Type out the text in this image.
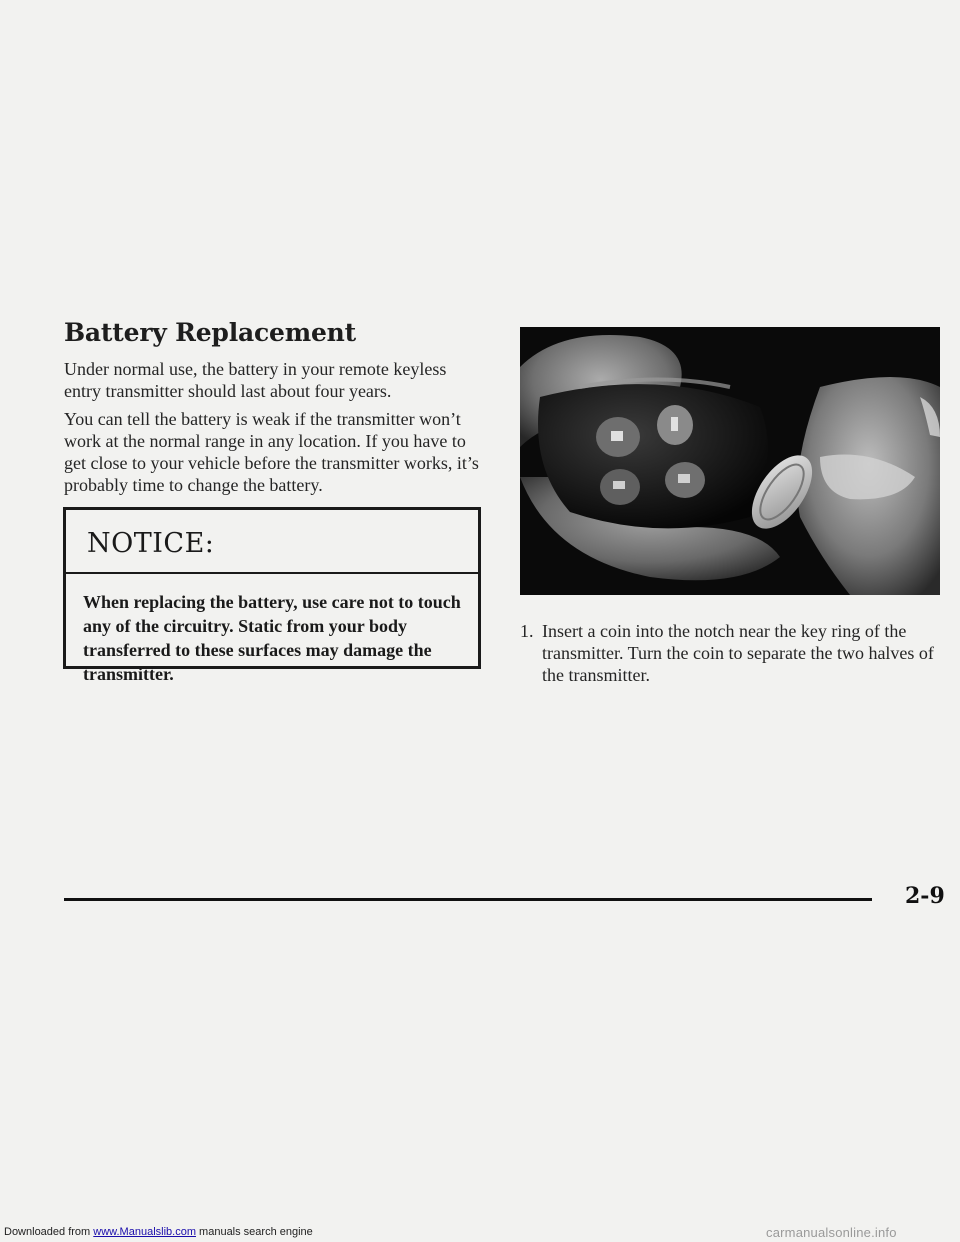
Battery Replacement

Under normal use, the battery in your remote keyless entry transmitter should last about four years.

You can tell the battery is weak if the transmitter won’t work at the normal range in any location. If you have to get close to your vehicle before the transmitter works, it’s probably time to change the battery.

NOTICE:
When replacing the battery, use care not to touch any of the circuitry. Static from your body transferred to these surfaces may damage the transmitter.
1. Insert a coin into the notch near the key ring of the transmitter. Turn the coin to separate the two halves of the transmitter.
2-9
Downloaded from www.Manualslib.com manuals search engine	carmanualsonline.info
